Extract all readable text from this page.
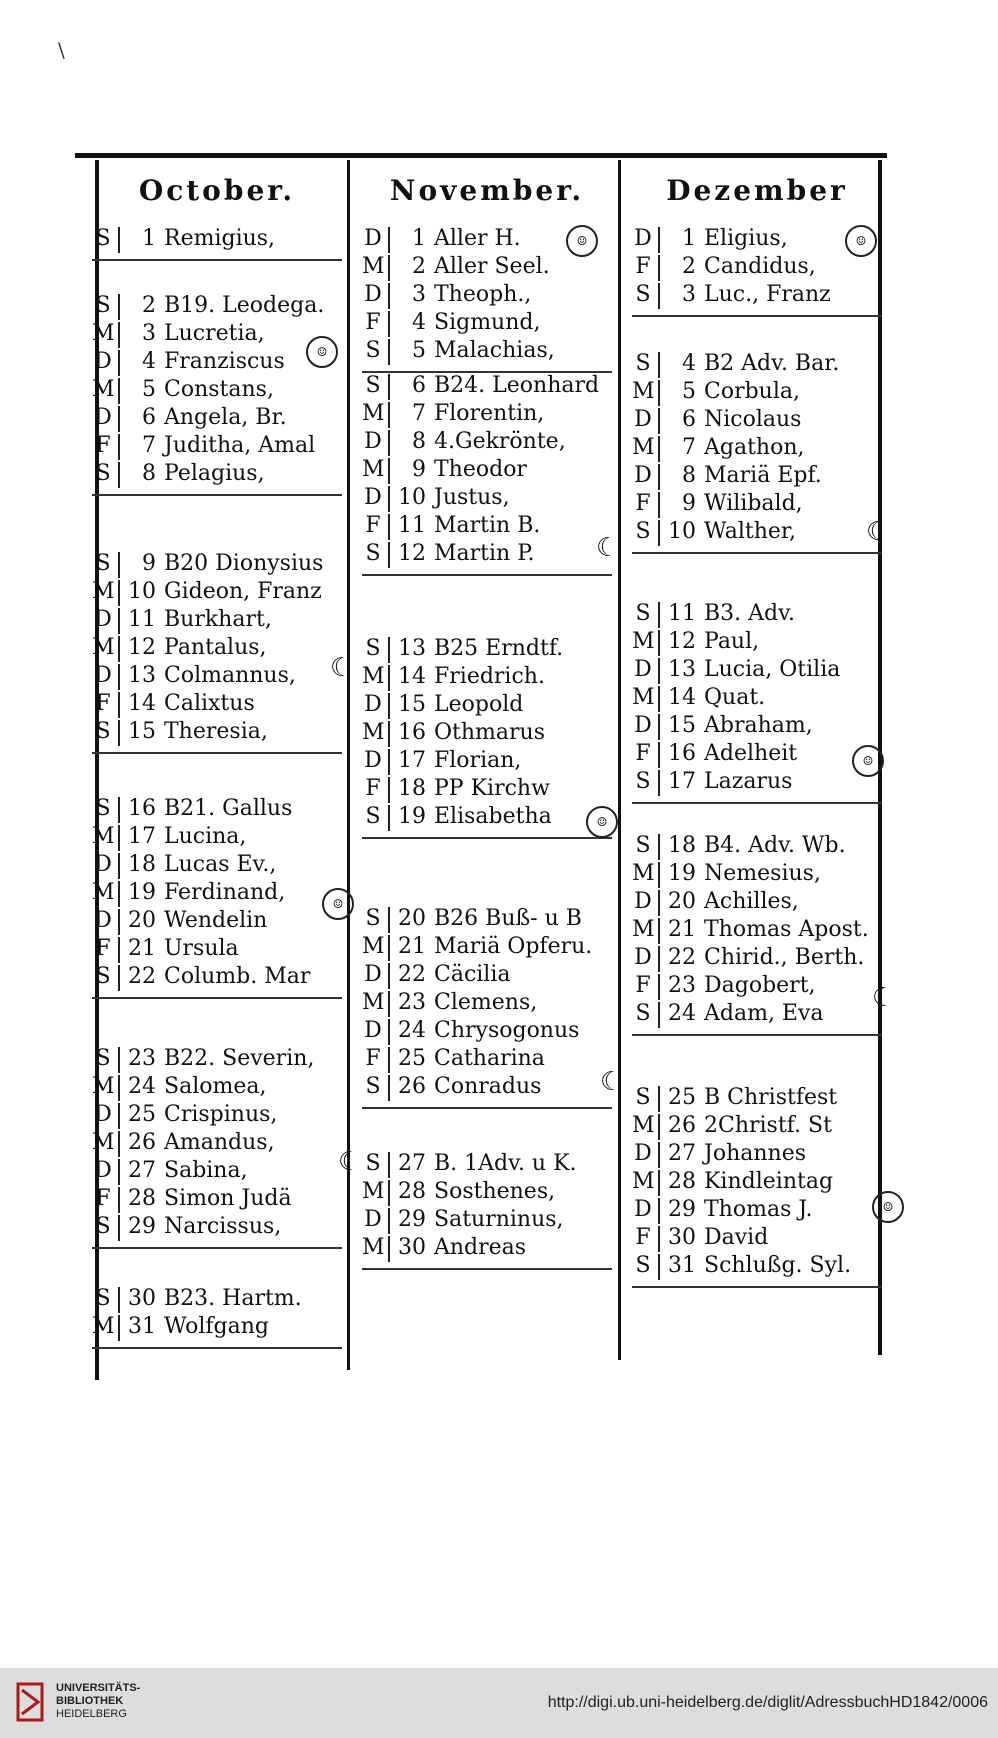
\
October.
S	1 Remigius,
S	2 B19. Leodega.
M	3 Lucretia,
D	4 Franziscus
M	5 Constans,
D	6 Angela, Br.
F	7 Juditha, Amal
S	8 Pelagius,
S	9 B20 Dionysius
M 10 Gideon, Franz
D 11 Burkhart,
M 12 Pantalus,
D 13 Colmannus,
F 14 Calixtus
S 15 Theresia,
S 16 B21. Gallus
M 17 Lucina,
D 18 Lucas Ev.,
M 19 Ferdinand,
D 20 Wendelin
F 21 Ursula
S 22 Columb. Mar
S 23 B22. Severin,
M 24 Salomea,
D 25 Crispinus,
M 26 Amandus,
D 27 Sabina,
F 28 Simon Judä
S 29 Narcissus,
S 30 B23. Hartm.
M 31 Wolfgang
November.
D	1 Aller H.
M	2 Aller Seel.
D	3 Theoph.,
F	4 Sigmund,
S	5 Malachias,
S	6 B24. Leonhard
M	7 Florentin,
D	8 4.Gekrönte,
M	9 Theodor
D 10 Justus,
F 11 Martin B.
S 12 Martin P.
S 13 B25 Erndtf.
M 14 Friedrich.
D 15 Leopold
M 16 Othmarus
D 17 Florian,
F 18 PP Kirchw
S 19 Elisabetha
S 20 B26 Buß- u B
M 21 Mariä Opferu.
D 22 Cäcilia
M 23 Clemens,
D 24 Chrysogonus
F 25 Catharina
S 26 Conradus
S 27 B. 1Adv. u K.
M 28 Sosthenes,
D 29 Saturninus,
M 30 Andreas
Dezember
D	1 Eligius,
F	2 Candidus,
S	3 Luc., Franz
S	4 B2 Adv. Bar.
M	5 Corbula,
D	6 Nicolaus
M	7 Agathon,
D	8 Mariä Epf.
F	9 Wilibald,
S 10 Walther,
S 11 B3. Adv.
M 12 Paul,
D 13 Lucia, Otilia
M 14 Quat.
D 15 Abraham,
F 16 Adelheit
S 17 Lazarus
S 18 B4. Adv. Wb.
M 19 Nemesius,
D 20 Achilles,
M 21 Thomas Apost.
D 22 Chirid., Berth.
F 23 Dagobert,
S 24 Adam, Eva
S 25 B Christfest
M 26 2Christf. St
D 27 Johannes
M 28 Kindleintag
D 29 Thomas J.
F 30 David
S 31 Schlußg. Syl.
☺	☺
☺
☺
☺
☺
☺
☾
☾
☾
☾
☾
☾
UNIVERSITÄTS-
BIBLIOTHEK
HEIDELBERG
http://digi.ub.uni-heidelberg.de/diglit/AdressbuchHD1842/0006
